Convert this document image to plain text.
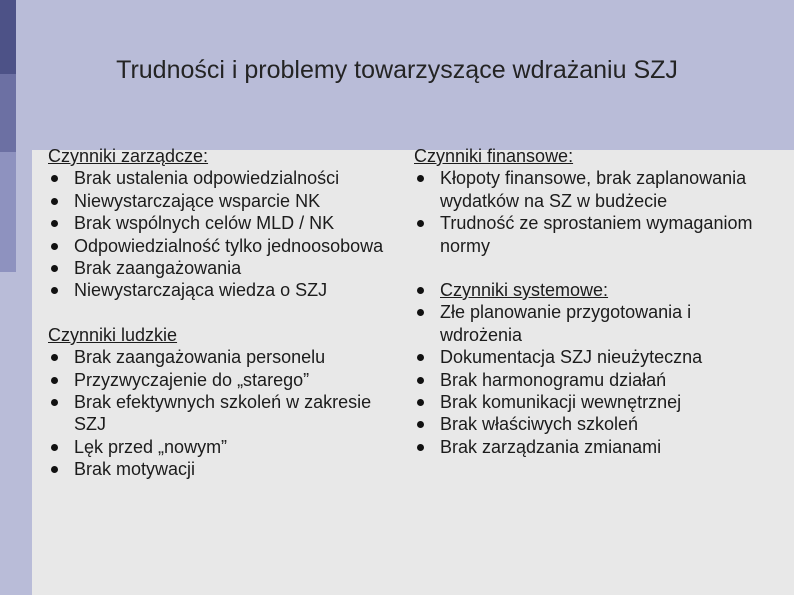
Trudności i problemy towarzyszące wdrażaniu SZJ
Czynniki zarządcze:
Brak ustalenia odpowiedzialności
Niewystarczające wsparcie NK
Brak wspólnych celów MLD / NK
Odpowiedzialność tylko jednoosobowa
Brak zaangażowania
Niewystarczająca wiedza o SZJ
Czynniki ludzkie
Brak zaangażowania personelu
Przyzwyczajenie do „starego”
Brak efektywnych szkoleń w zakresie SZJ
Lęk przed „nowym”
Brak motywacji
Czynniki finansowe:
Kłopoty finansowe, brak zaplanowania wydatków na SZ w budżecie
Trudność ze sprostaniem wymaganiom normy
Czynniki systemowe:
Złe planowanie przygotowania i wdrożenia
Dokumentacja SZJ nieużyteczna
Brak harmonogramu działań
Brak komunikacji wewnętrznej
Brak właściwych szkoleń
Brak zarządzania zmianami
